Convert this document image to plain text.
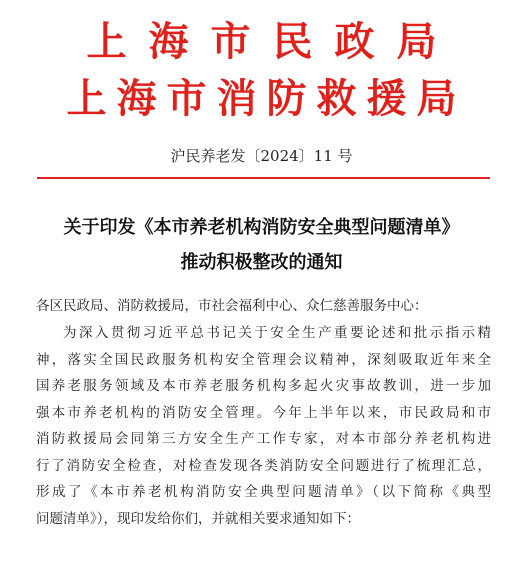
上海市民政局
上海市消防救援局
沪民养老发〔2024〕11 号
关于印发《本市养老机构消防安全典型问题清单》
推动积极整改的通知
各区民政局、消防救援局，市社会福利中心、众仁慈善服务中心：
为深入贯彻习近平总书记关于安全生产重要论述和批示指示精
神，落实全国民政服务机构安全管理会议精神，深刻吸取近年来全
国养老服务领域及本市养老服务机构多起火灾事故教训，进一步加
强本市养老机构的消防安全管理。今年上半年以来，市民政局和市
消防救援局会同第三方安全生产工作专家，对本市部分养老机构进
行了消防安全检查，对检查发现各类消防安全问题进行了梳理汇总，
形成了《本市养老机构消防安全典型问题清单》（以下简称《典型
问题清单》），现印发给你们，并就相关要求通知如下：
